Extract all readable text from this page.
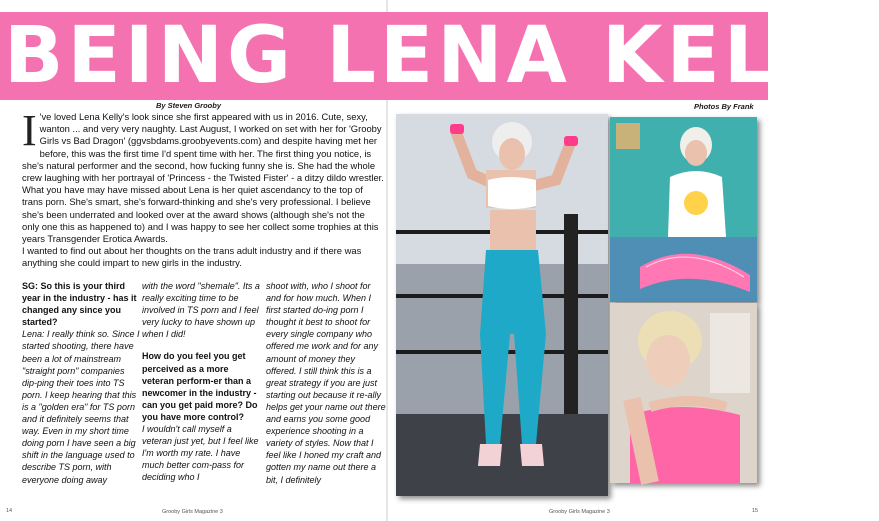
BEING LENA KELLY
By Steven Grooby	Photos By Frank
I 've loved Lena Kelly's look since she first appeared with us in 2016. Cute, sexy, wanton ... and very very naughty. Last August, I worked on set with her for 'Grooby Girls vs Bad Dragon' (ggvsbdams.groobyevents.com) and despite having met her before, this was the first time I'd spent time with her. The first thing you notice, is she's natural performer and the second, how fucking funny she is. She had the whole crew laughing with her portrayal of 'Princess - the Twisted Fister' - a ditzy dildo wrestler.

What you have may have missed about Lena is her quiet ascendancy to the top of trans porn. She's smart, she's forward-thinking and she's very professional. I believe she's been underrated and looked over at the award shows (although she's not the only one this as happened to) and I was happy to see her collect some trophies at this years Transgender Erotica Awards.

I wanted to find out about her thoughts on the trans adult industry and if there was anything she could impart to new girls in the industry.

SG: So this is your third year in the industry - has it changed any since you started?
Lena: I really think so. Since I started shooting, there have been a lot of mainstream "straight porn" companies dip-ping their toes into TS porn. I keep hearing that this is a "golden era" for TS porn and it definitely seems that way. Even in my short time doing porn I have seen a big shift in the language used to describe TS porn, with everyone doing away
with the word "shemale". Its a really exciting time to be involved in TS porn and I feel very lucky to have shown up when I did!
How do you feel you get perceived as a more veteran perform-er than a newcomer in the industry - can you get paid more? Do you have more control?
I wouldn't call myself a veteran just yet, but I feel like I'm worth my rate. I have much better com-pass for deciding who I
shoot with, who I shoot for and for how much. When I first started do-ing porn I thought it best to shoot for every single company who offered me work and for any amount of money they offered. I still think this is a great strategy if you are just starting out because it re-ally helps get your name out there and earns you some good experience shooting in a variety of styles. Now that I feel like I honed my craft and gotten my name out there a bit, I definitely
14	Grooby Girls Magazine 3	Grooby Girls Magazine 3	15
